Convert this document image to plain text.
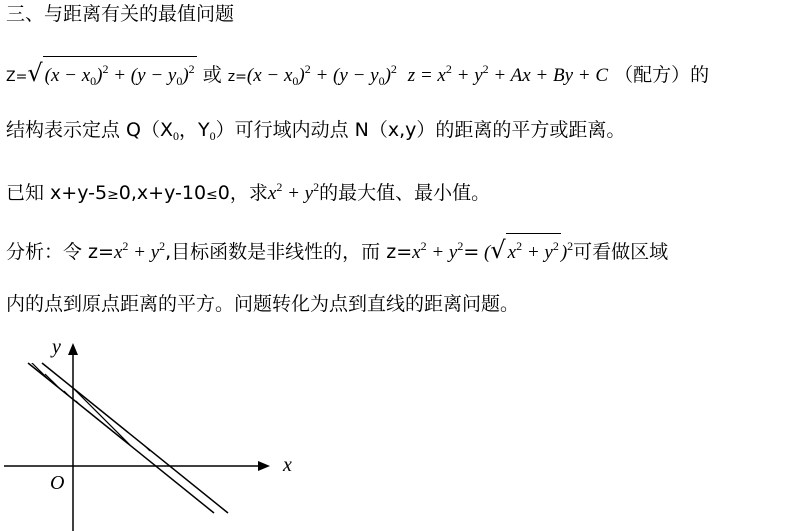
三、与距离有关的最值问题
Z=√ $(x - x_0)^2 + (y - y_0)^2$ 或 $z=(x - x_0)^2 + (y - y_0)^2$  $z = x^2 + y^2 + Ax + By + C$ （配方）的
结构表示定点 $Q(X_0$，$Y_0$）可行域内动点 N（x,y）的距离的平方或距离。
已知 x+y-5≥0,x+y-10≤0，求$x^2 + y^2$的最大值、最小值。
分析：令 $z=x^2 + y^2$,目标函数是非线性的，而 $z=x^2 + y^2=$ (√ $x^2 + y^2$ )$^2$可看做区域
内的点到原点距离的平方。问题转化为点到直线的距离问题。
y
x
O
